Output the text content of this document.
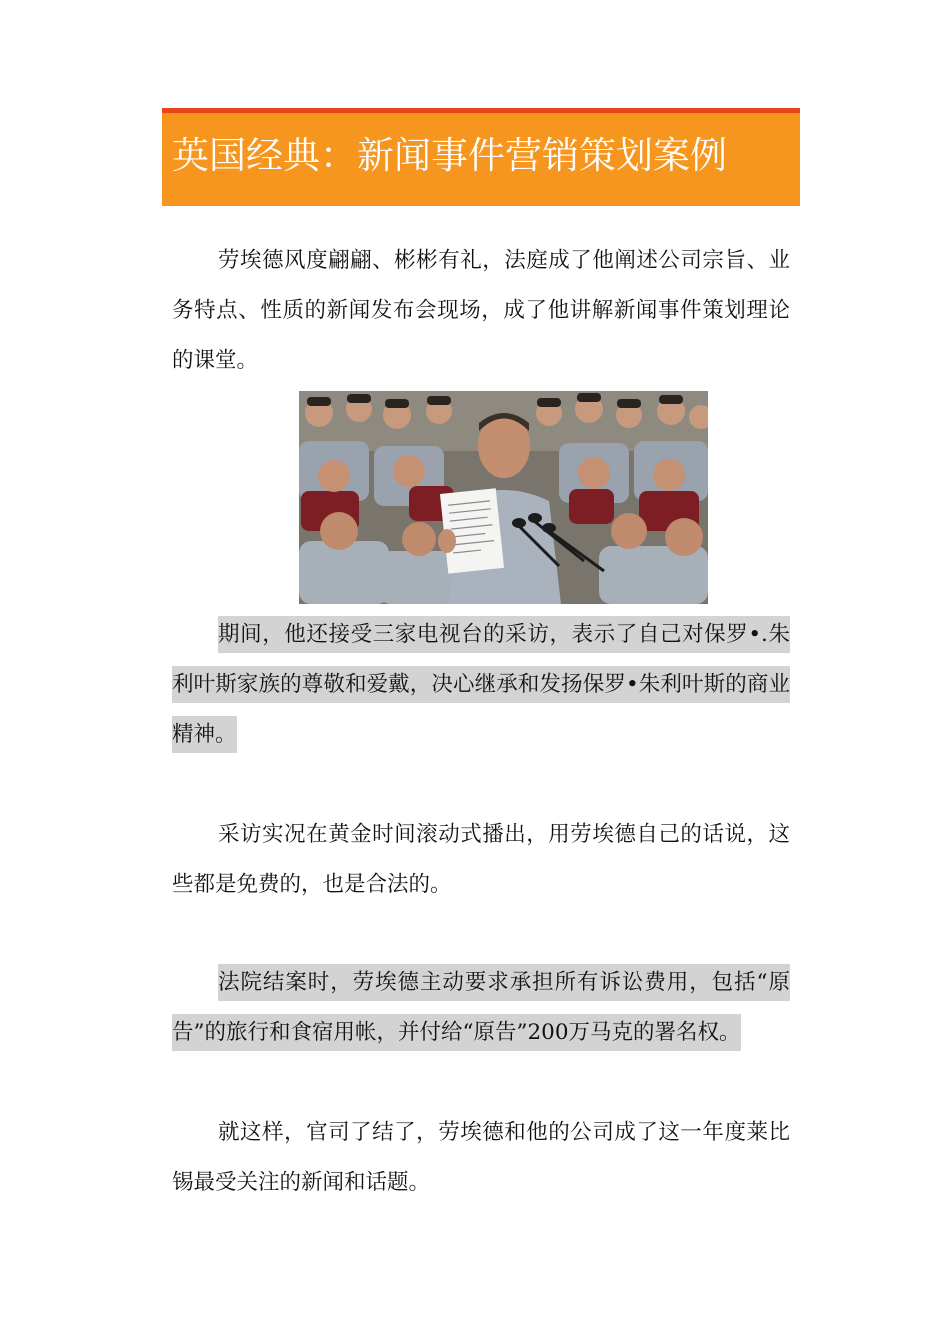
英国经典：新闻事件营销策划案例

劳埃德风度翩翩、彬彬有礼，法庭成了他阐述公司宗旨、业务特点、性质的新闻发布会现场，成了他讲解新闻事件策划理论的课堂。

期间，他还接受三家电视台的采访，表示了自己对保罗•.朱利叶斯家族的尊敬和爱戴，决心继承和发扬保罗•朱利叶斯的商业精神。

采访实况在黄金时间滚动式播出，用劳埃德自己的话说，这些都是免费的，也是合法的。

法院结案时，劳埃德主动要求承担所有诉讼费用，包括“原告”的旅行和食宿用帐，并付给“原告”200万马克的署名权。

就这样，官司了结了，劳埃德和他的公司成了这一年度莱比锡最受关注的新闻和话题。
